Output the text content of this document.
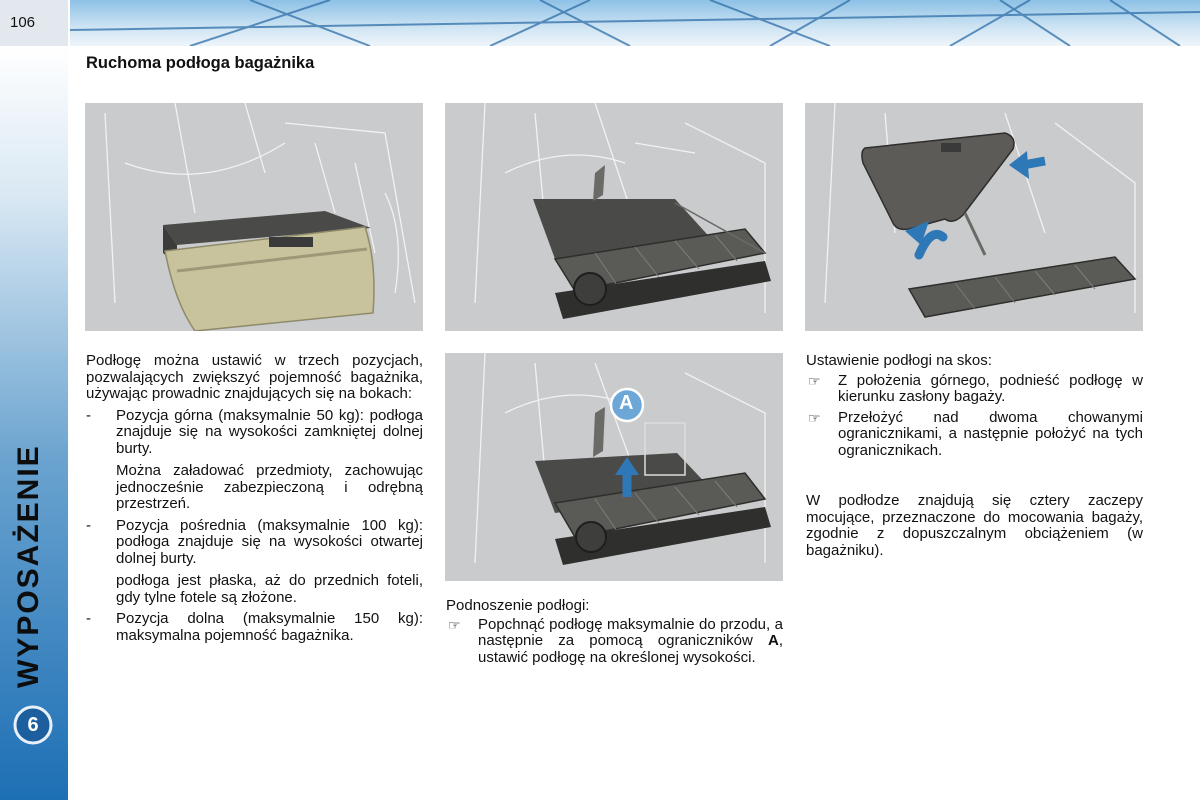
106
WYPOSAŻENIE
6
Ruchoma podłoga bagażnika
A

Podłogę można ustawić w trzech pozycjach, pozwalających zwiększyć pojemność bagażnika, używając prowadnic znajdujących się na bokach:

- Pozycja górna (maksymalnie 50 kg): podłoga znajduje się na wysokości zamkniętej dolnej burty.

Można załadować przedmioty, zachowując jednocześnie zabezpieczoną i odrębną przestrzeń.

- Pozycja pośrednia (maksymalnie 100 kg): podłoga znajduje się na wysokości otwartej dolnej burty.

podłoga jest płaska, aż do przednich foteli, gdy tylne fotele są złożone.

- Pozycja dolna (maksymalnie 150 kg): maksymalna pojemność bagażnika.

Podnoszenie podłogi:

☞ Popchnąć podłogę maksymalnie do przodu, a następnie za pomocą ograniczników A, ustawić podłogę na określonej wysokości.

Ustawienie podłogi na skos:

☞ Z położenia górnego, podnieść podłogę w kierunku zasłony bagaży.

☞ Przełożyć nad dwoma chowanymi ogranicznikami, a następnie położyć na tych ogranicznikach.

W podłodze znajdują się cztery zaczepy mocujące, przeznaczone do mocowania bagaży, zgodnie z dopuszczalnym obciążeniem (w bagażniku).
